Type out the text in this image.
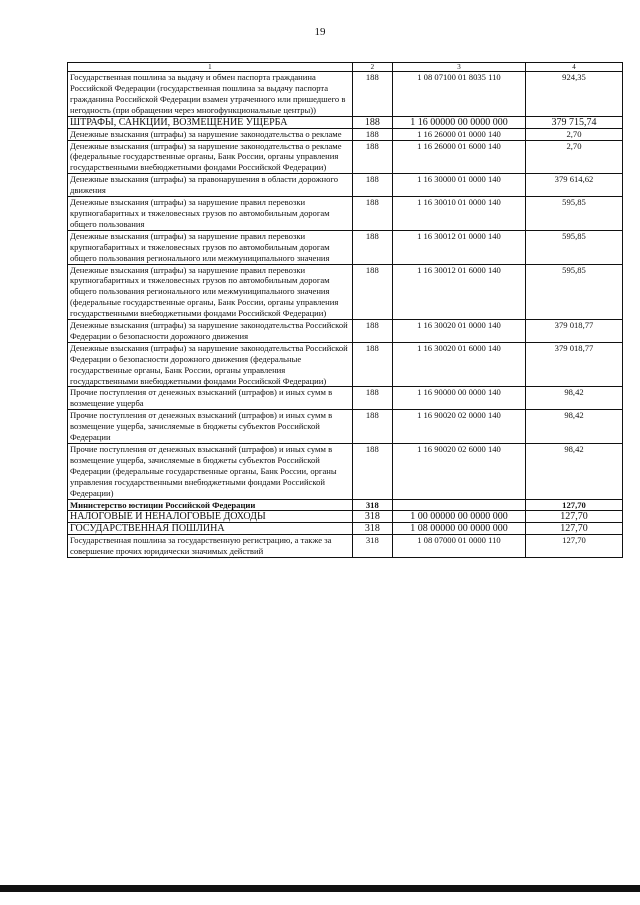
19
1	2	3	4
Государственная пошлина за выдачу и обмен паспорта гражданина Российской Федерации (государственная пошлина за выдачу паспорта гражданина Российской Федерации взамен утраченного или пришедшего в негодность (при обращении через многофункциональные центры))	188	1 08 07100 01 8035 110	924,35
ШТРАФЫ, САНКЦИИ, ВОЗМЕЩЕНИЕ УЩЕРБА	188	1 16 00000 00 0000 000	379 715,74
Денежные взыскания (штрафы) за нарушение законодательства о рекламе	188	1 16 26000 01 0000 140	2,70
Денежные взыскания (штрафы) за нарушение законодательства о рекламе (федеральные государственные органы, Банк России, органы управления государственными внебюджетными фондами Российской Федерации)	188	1 16 26000 01 6000 140	2,70
Денежные взыскания (штрафы) за правонарушения в области дорожного движения	188	1 16 30000 01 0000 140	379 614,62
Денежные взыскания (штрафы) за нарушение правил перевозки крупногабаритных и тяжеловесных грузов по автомобильным дорогам общего пользования	188	1 16 30010 01 0000 140	595,85
Денежные взыскания (штрафы) за нарушение правил перевозки крупногабаритных и тяжеловесных грузов по автомобильным дорогам общего пользования регионального или межмуниципального значения	188	1 16 30012 01 0000 140	595,85
Денежные взыскания (штрафы) за нарушение правил перевозки крупногабаритных и тяжеловесных грузов по автомобильным дорогам общего пользования регионального или межмуниципального значения (федеральные государственные органы, Банк России, органы управления государственными внебюджетными фондами Российской Федерации)	188	1 16 30012 01 6000 140	595,85
Денежные взыскания (штрафы) за нарушение законодательства Российской Федерации о безопасности дорожного движения	188	1 16 30020 01 0000 140	379 018,77
Денежные взыскания (штрафы) за нарушение законодательства Российской Федерации о безопасности дорожного движения (федеральные государственные органы, Банк России, органы управления государственными внебюджетными фондами Российской Федерации)	188	1 16 30020 01 6000 140	379 018,77
Прочие поступления от денежных взысканий (штрафов) и иных сумм в возмещение ущерба	188	1 16 90000 00 0000 140	98,42
Прочие поступления от денежных взысканий (штрафов) и иных сумм в возмещение ущерба, зачисляемые в бюджеты субъектов Российской Федерации	188	1 16 90020 02 0000 140	98,42
Прочие поступления от денежных взысканий (штрафов) и иных сумм в возмещение ущерба, зачисляемые в бюджеты субъектов Российской Федерации (федеральные государственные органы, Банк России, органы управления государственными внебюджетными фондами Российской Федерации)	188	1 16 90020 02 6000 140	98,42
Министерство юстиции Российской Федерации	318		127,70
НАЛОГОВЫЕ И НЕНАЛОГОВЫЕ ДОХОДЫ	318	1 00 00000 00 0000 000	127,70
ГОСУДАРСТВЕННАЯ ПОШЛИНА	318	1 08 00000 00 0000 000	127,70
Государственная пошлина за государственную регистрацию, а также за совершение прочих юридически значимых действий	318	1 08 07000 01 0000 110	127,70
